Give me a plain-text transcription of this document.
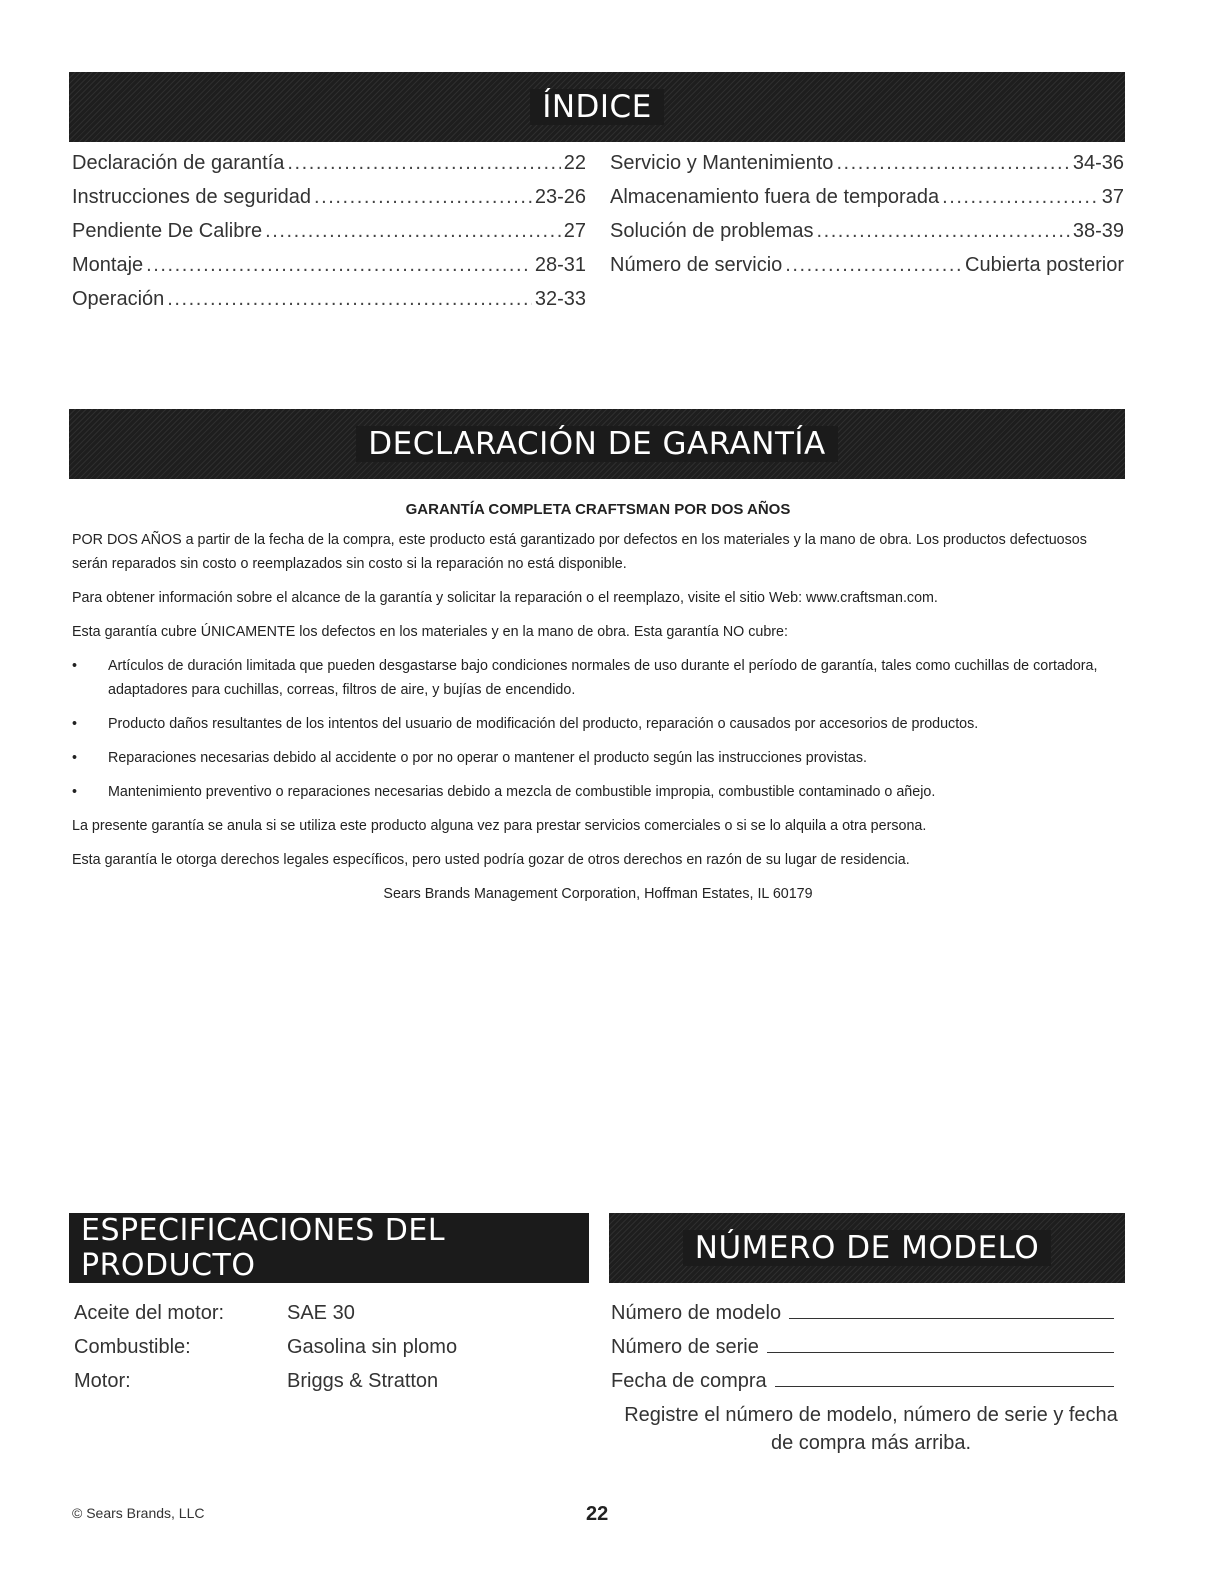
ÍNDICE
Declaración de garantía . . .	22
Instrucciones de seguridad . . .	23-26
Pendiente De Calibre . . .	27
Montaje . . .	28-31
Operación . . .	32-33
Servicio y Mantenimiento . . .	34-36
Almacenamiento fuera de temporada . . .	37
Solución de problemas . . .	38-39
Número de servicio . . .	Cubierta posterior
DECLARACIÓN DE GARANTÍA

GARANTÍA COMPLETA CRAFTSMAN POR DOS AÑOS

POR DOS AÑOS a partir de la fecha de la compra, este producto está garantizado por defectos en los materiales y la mano de obra. Los productos defectuosos serán reparados sin costo o reemplazados sin costo si la reparación no está disponible.

Para obtener información sobre el alcance de la garantía y solicitar la reparación o el reemplazo, visite el sitio Web: www.craftsman.com.

Esta garantía cubre ÚNICAMENTE los defectos en los materiales y en la mano de obra. Esta garantía NO cubre:

• Artículos de duración limitada que pueden desgastarse bajo condiciones normales de uso durante el período de garantía, tales como cuchillas de cortadora, adaptadores para cuchillas, correas, filtros de aire, y bujías de encendido.
• Producto daños resultantes de los intentos del usuario de modificación del producto, reparación o causados por accesorios de productos.
• Reparaciones necesarias debido al accidente o por no operar o mantener el producto según las instrucciones provistas.
• Mantenimiento preventivo o reparaciones necesarias debido a mezcla de combustible impropia, combustible contaminado o añejo.

La presente garantía se anula si se utiliza este producto alguna vez para prestar servicios comerciales o si se lo alquila a otra persona.

Esta garantía le otorga derechos legales específicos, pero usted podría gozar de otros derechos en razón de su lugar de residencia.

Sears Brands Management Corporation, Hoffman Estates, IL 60179

ESPECIFICACIONES DEL PRODUCTO
Aceite del motor:	SAE 30
Combustible:	Gasolina sin plomo
Motor:	Briggs & Stratton
NÚMERO DE MODELO
Número de modelo
Número de serie
Fecha de compra
Registre el número de modelo, número de serie y fecha de compra más arriba.
© Sears Brands, LLC	22
